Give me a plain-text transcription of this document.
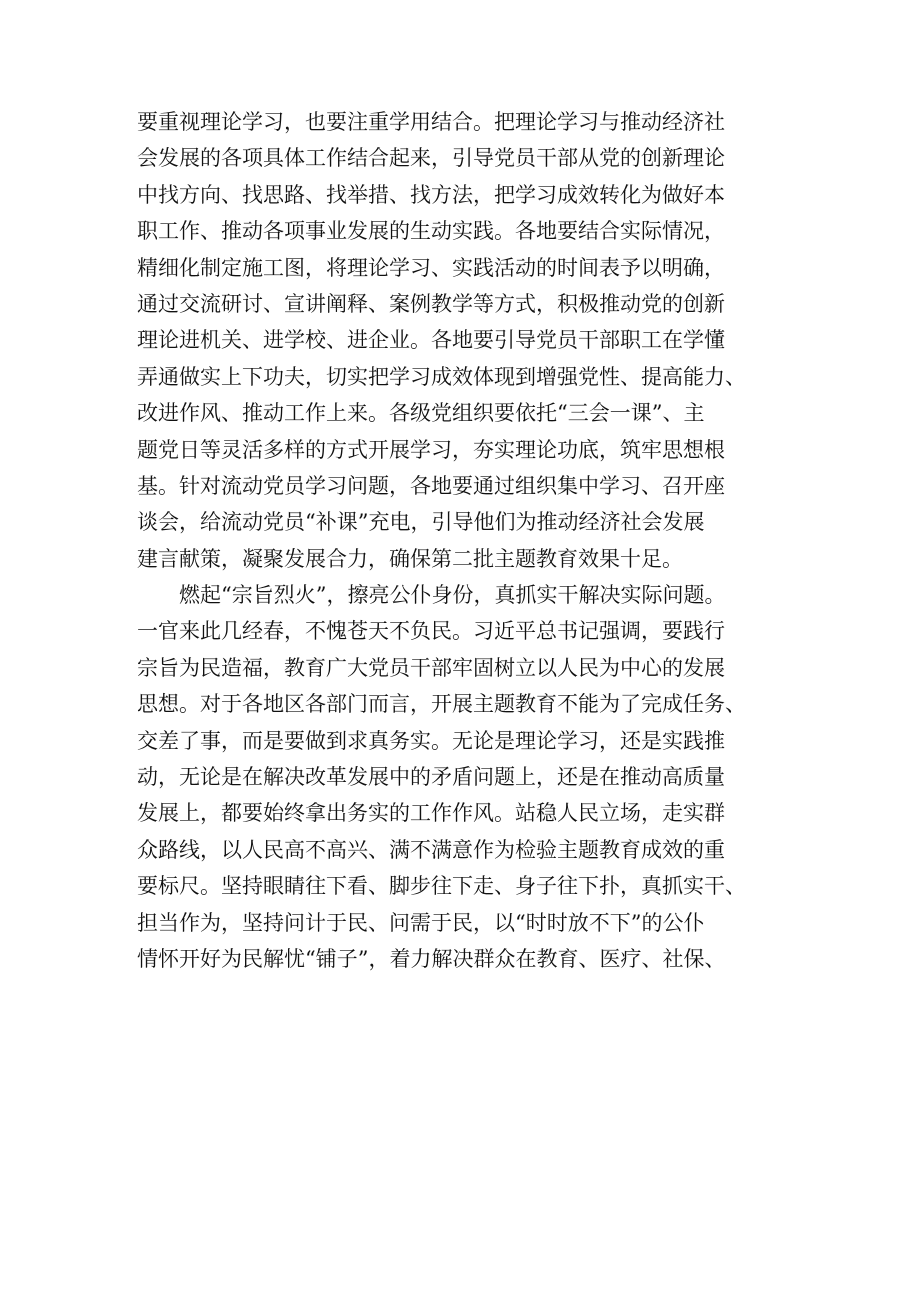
要重视理论学习，也要注重学用结合。把理论学习与推动经济社
会发展的各项具体工作结合起来，引导党员干部从党的创新理论
中找方向、找思路、找举措、找方法，把学习成效转化为做好本
职工作、推动各项事业发展的生动实践。各地要结合实际情况，
精细化制定施工图，将理论学习、实践活动的时间表予以明确，
通过交流研讨、宣讲阐释、案例教学等方式，积极推动党的创新
理论进机关、进学校、进企业。各地要引导党员干部职工在学懂
弄通做实上下功夫，切实把学习成效体现到增强党性、提高能力、
改进作风、推动工作上来。各级党组织要依托“三会一课”、主
题党日等灵活多样的方式开展学习，夯实理论功底，筑牢思想根
基。针对流动党员学习问题，各地要通过组织集中学习、召开座
谈会，给流动党员“补课”充电，引导他们为推动经济社会发展
建言献策，凝聚发展合力，确保第二批主题教育效果十足。
　　燃起“宗旨烈火”，擦亮公仆身份，真抓实干解决实际问题。
一官来此几经春，不愧苍天不负民。习近平总书记强调，要践行
宗旨为民造福，教育广大党员干部牢固树立以人民为中心的发展
思想。对于各地区各部门而言，开展主题教育不能为了完成任务、
交差了事，而是要做到求真务实。无论是理论学习，还是实践推
动，无论是在解决改革发展中的矛盾问题上，还是在推动高质量
发展上，都要始终拿出务实的工作作风。站稳人民立场，走实群
众路线，以人民高不高兴、满不满意作为检验主题教育成效的重
要标尺。坚持眼睛往下看、脚步往下走、身子往下扑，真抓实干、
担当作为，坚持问计于民、问需于民，以“时时放不下”的公仆
情怀开好为民解忧“铺子”，着力解决群众在教育、医疗、社保、
